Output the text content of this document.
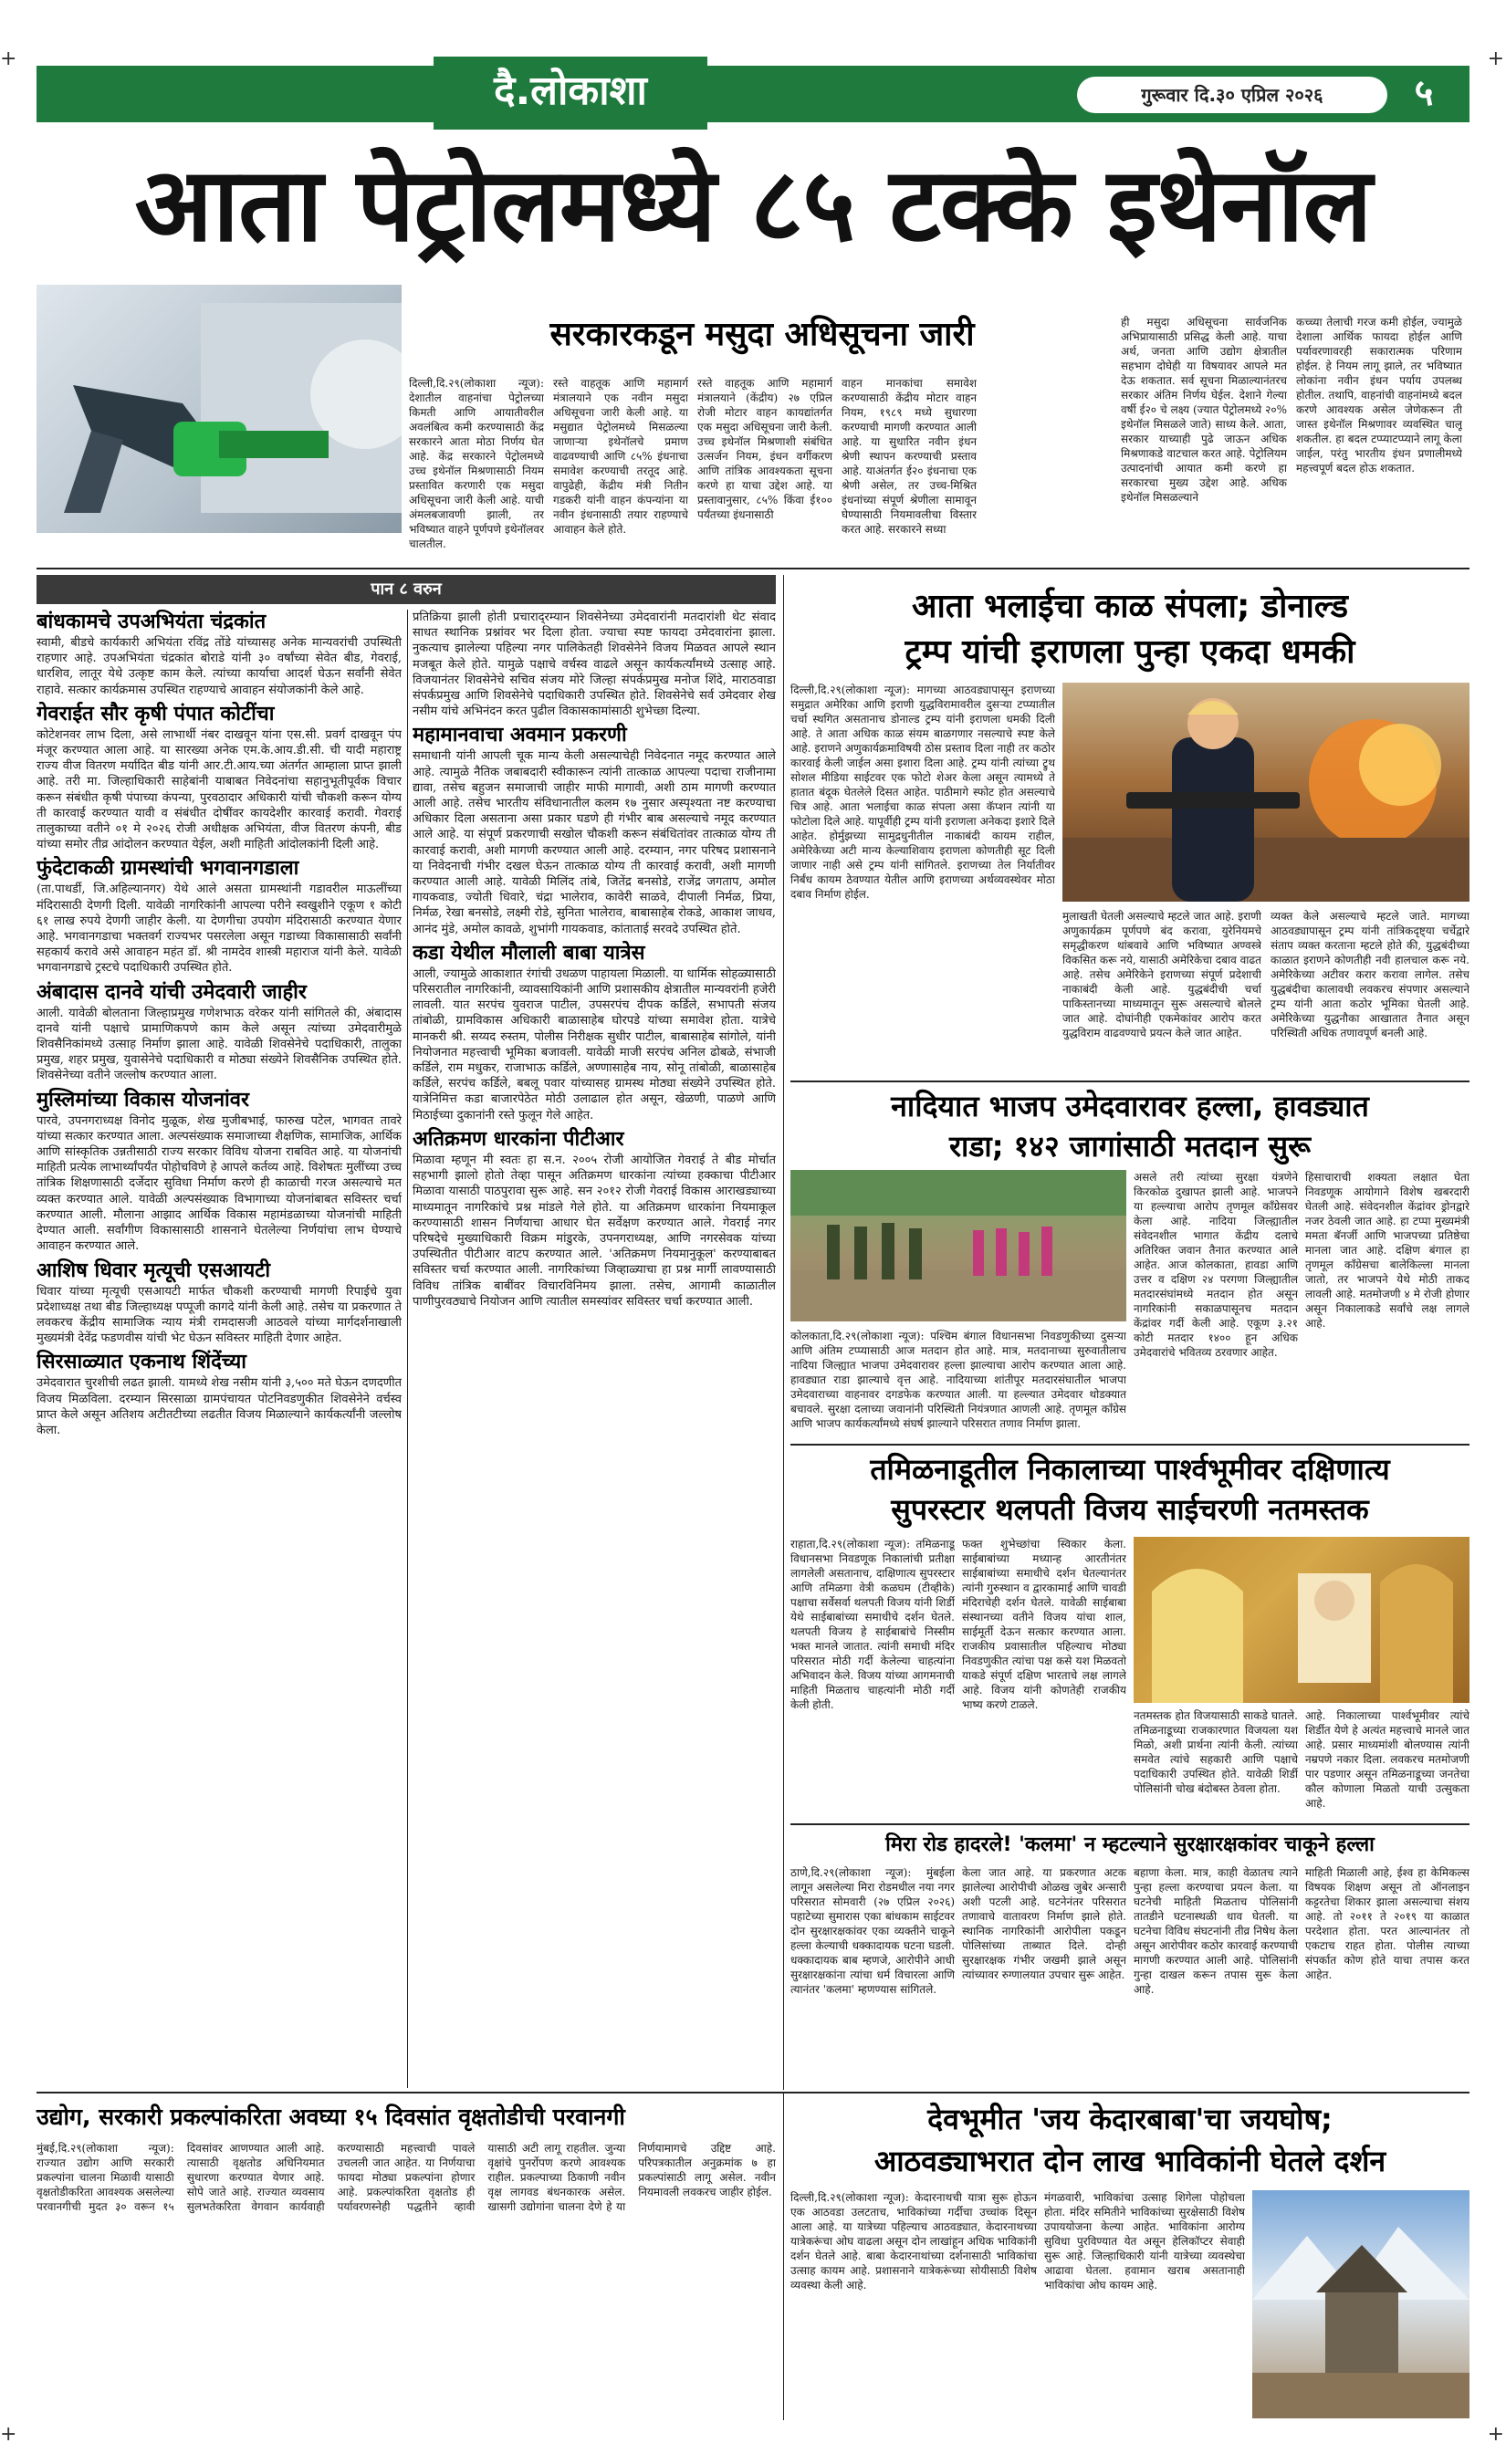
+	+
+	+
दै.लोकाशा	गुरूवार दि.३० एप्रिल २०२६	५
आता पेट्रोलमध्ये ८५ टक्के इथेनॉल
सरकारकडून मसुदा अधिसूचना जारी
दिल्ली,दि.२९(लोकाशा न्यूज): देशातील वाहनांचा पेट्रोलच्या किमती आणि आयातीवरील अवलंबित्व कमी करण्यासाठी केंद्र सरकारने आता मोठा निर्णय घेत आहे. केंद्र सरकारने पेट्रोलमध्ये उच्च इथेनॉल मिश्रणासाठी नियम प्रस्तावित करणारी एक मसुदा अधिसूचना जारी केली आहे. याची अंमलबजावणी झाली, तर भविष्यात वाहने पूर्णपणे इथेनॉलवर चालतील.
रस्ते वाहतूक आणि महामार्ग मंत्रालयाने एक नवीन मसुदा अधिसूचना जारी केली आहे. या मसुद्यात पेट्रोलमध्ये मिसळल्या जाणाऱ्या इथेनॉलचे प्रमाण वाढवण्याची आणि ८५% इंधनाचा समावेश करण्याची तरतूद आहे. वापुढेही, केंद्रीय मंत्री नितीन गडकरी यांनी वाहन कंपन्यांना या नवीन इंधनासाठी तयार राहण्याचे आवाहन केले होते.
रस्ते वाहतूक आणि महामार्ग मंत्रालयाने (केंद्रीय) २७ एप्रिल रोजी मोटार वाहन कायद्यांतर्गत एक मसुदा अधिसूचना जारी केली. उच्च इथेनॉल मिश्रणाशी संबंधित उत्सर्जन नियम, इंधन वर्गीकरण आणि तांत्रिक आवश्यकता सूचना करणे हा याचा उद्देश आहे. या प्रस्तावानुसार, ८५% किंवा ई१०० पर्यंतच्या इंधनासाठी
वाहन मानकांचा समावेश करण्यासाठी केंद्रीय मोटार वाहन नियम, १९८९ मध्ये सुधारणा करण्याची मागणी करण्यात आली आहे. या सुधारित नवीन इंधन श्रेणी स्थापन करण्याची प्रस्ताव आहे. याअंतर्गत ई२० इंधनाचा एक श्रेणी असेल, तर उच्च-मिश्रित इंधनांच्या संपूर्ण श्रेणीला सामावून घेण्यासाठी नियमावलीचा विस्तार करत आहे. सरकारने सध्या
ही मसुदा अधिसूचना सार्वजनिक अभिप्रायासाठी प्रसिद्ध केली आहे. याचा अर्थ, जनता आणि उद्योग क्षेत्रातील सहभाग दोघेही या विषयावर आपले मत देऊ शकतात. सर्व सूचना मिळाल्यानंतरच सरकार अंतिम निर्णय घेईल. देशाने गेल्या वर्षी ई२० चे लक्ष्य (ज्यात पेट्रोलमध्ये २०% इथेनॉल मिसळले जाते) साध्य केले. आता, सरकार याच्याही पुढे जाऊन अधिक मिश्रणाकडे वाटचाल करत आहे. पेट्रोलियम उत्पादनांची आयात कमी करणे हा सरकारचा मुख्य उद्देश आहे. अधिक इथेनॉल मिसळल्याने
कच्च्या तेलाची गरज कमी होईल, ज्यामुळे देशाला आर्थिक फायदा होईल आणि पर्यावरणावरही सकारात्मक परिणाम होईल. हे नियम लागू झाले, तर भविष्यात लोकांना नवीन इंधन पर्याय उपलब्ध होतील. तथापि, वाहनांची वाहनांमध्ये बदल करणे आवश्यक असेल जेणेकरून ती जास्त इथेनॉल मिश्रणावर व्यवस्थित चालू शकतील. हा बदल टप्प्याटप्प्याने लागू केला जाईल, परंतु भारतीय इंधन प्रणालीमध्ये महत्त्वपूर्ण बदल होऊ शकतात.
पान ८ वरुन
बांधकामचे उपअभियंता चंद्रकांत

स्वामी, बीडचे कार्यकारी अभियंता रविंद्र तोंडे यांच्यासह अनेक मान्यवरांची उपस्थिती राहणार आहे. उपअभियंता चंद्रकांत बोराडे यांनी ३० वर्षांच्या सेवेत बीड, गेवराई, धारशिव, लातूर येथे उत्कृष्ट काम केले. त्यांच्या कार्याचा आदर्श घेऊन सर्वांनी सेवेत राहावे. सत्कार कार्यक्रमास उपस्थित राहण्याचे आवाहन संयोजकांनी केले आहे.

गेवराईत सौर कृषी पंपात कोटींचा

कोटेशनवर लाभ दिला, असे लाभार्थी नंबर दाखवून यांना एस.सी. प्रवर्ग दाखवून पंप मंजूर करण्यात आला आहे. या सारख्या अनेक एम.के.आय.डी.सी. ची यादी महाराष्ट्र राज्य वीज वितरण मर्यादित बीड यांनी आर.टी.आय.च्या अंतर्गत आम्हाला प्राप्त झाली आहे. तरी मा. जिल्हाधिकारी साहेबांनी याबाबत निवेदनांचा सहानुभूतीपूर्वक विचार करून संबंधीत कृषी पंपाच्या कंपन्या, पुरवठादार अधिकारी यांची चौकशी करून योग्य ती कारवाई करण्यात यावी व संबंधीत दोषींवर कायदेशीर कारवाई करावी. गेवराई तालुकाच्या वतीने ०१ मे २०२६ रोजी अधीक्षक अभियंता, वीज वितरण कंपनी, बीड यांच्या समोर तीव्र आंदोलन करण्यात येईल, अशी माहिती आंदोलकांनी दिली आहे.

फुंदेटाकळी ग्रामस्थांची भगवानगडाला

(ता.पाथर्डी, जि.अहिल्यानगर) येथे आले असता ग्रामस्थांनी गडावरील माऊलींच्या मंदिरासाठी देणगी दिली. यावेळी नागरिकांनी आपल्या परीने स्वखुशीने एकूण १ कोटी ६१ लाख रुपये देणगी जाहीर केली. या देणगीचा उपयोग मंदिरासाठी करण्यात येणार आहे. भगवानगडाचा भक्तवर्ग राज्यभर पसरलेला असून गडाच्या विकासासाठी सर्वांनी सहकार्य करावे असे आवाहन महंत डॉ. श्री नामदेव शास्त्री महाराज यांनी केले. यावेळी भगवानगडाचे ट्रस्टचे पदाधिकारी उपस्थित होते.

अंबादास दानवे यांची उमेदवारी जाहीर

आली. यावेळी बोलताना जिल्हाप्रमुख गणेशभाऊ वरेकर यांनी सांगितले की, अंबादास दानवे यांनी पक्षाचे प्रामाणिकपणे काम केले असून त्यांच्या उमेदवारीमुळे शिवसैनिकांमध्ये उत्साह निर्माण झाला आहे. यावेळी शिवसेनेचे पदाधिकारी, तालुका प्रमुख, शहर प्रमुख, युवासेनेचे पदाधिकारी व मोठ्या संख्येने शिवसैनिक उपस्थित होते. शिवसेनेच्या वतीने जल्लोष करण्यात आला.

मुस्लिमांच्या विकास योजनांवर

पारवे, उपनगराध्यक्ष विनोद मुळूक, शेख मुजीबभाई, फारुख पटेल, भागवत तावरे यांच्या सत्कार करण्यात आला. अल्पसंख्याक समाजाच्या शैक्षणिक, सामाजिक, आर्थिक आणि सांस्कृतिक उन्नतीसाठी राज्य सरकार विविध योजना राबवित आहे. या योजनांची माहिती प्रत्येक लाभार्थ्यांपर्यंत पोहोचविणे हे आपले कर्तव्य आहे. विशेषतः मुलींच्या उच्च तांत्रिक शिक्षणासाठी दर्जेदार सुविधा निर्माण करणे ही काळाची गरज असल्याचे मत व्यक्त करण्यात आले. यावेळी अल्पसंख्याक विभागाच्या योजनांबाबत सविस्तर चर्चा करण्यात आली. मौलाना आझाद आर्थिक विकास महामंडळाच्या योजनांची माहिती देण्यात आली. सर्वांगीण विकासासाठी शासनाने घेतलेल्या निर्णयांचा लाभ घेण्याचे आवाहन करण्यात आले.

आशिष धिवार मृत्यूची एसआयटी

धिवार यांच्या मृत्यूची एसआयटी मार्फत चौकशी करण्याची मागणी रिपाईचे युवा प्रदेशाध्यक्ष तथा बीड जिल्हाध्यक्ष पप्पूजी कागदे यांनी केली आहे. तसेच या प्रकरणात ते लवकरच केंद्रीय सामाजिक न्याय मंत्री रामदासजी आठवले यांच्या मार्गदर्शनाखाली मुख्यमंत्री देवेंद्र फडणवीस यांची भेट घेऊन सविस्तर माहिती देणार आहेत.

सिरसाळ्यात एकनाथ शिंदेंच्या

उमेदवारात चुरशीची लढत झाली. यामध्ये शेख नसीम यांनी ३,५०० मते घेऊन दणदणीत विजय मिळविला. दरम्यान सिरसाळा ग्रामपंचायत पोटनिवडणुकीत शिवसेनेने वर्चस्व प्राप्त केले असून अतिशय अटीतटीच्या लढतीत विजय मिळाल्याने कार्यकर्त्यांनी जल्लोष केला.

प्रतिक्रिया झाली होती प्रचाराद्‌रम्यान शिवसेनेच्या उमेदवारांनी मतदारांशी थेट संवाद साधत स्थानिक प्रश्नांवर भर दिला होता. ज्याचा स्पष्ट फायदा उमेदवारांना झाला. नुकत्याच झालेल्या पहिल्या नगर पालिकेतही शिवसेनेने विजय मिळवत आपले स्थान मजबूत केले होते. यामुळे पक्षाचे वर्चस्व वाढले असून कार्यकर्त्यांमध्ये उत्साह आहे. विजयानंतर शिवसेनेचे सचिव संजय मोरे जिल्हा संपर्कप्रमुख मनोज शिंदे, माराठवाडा संपर्कप्रमुख आणि शिवसेनेचे पदाधिकारी उपस्थित होते. शिवसेनेचे सर्व उमेदवार शेख नसीम यांचे अभिनंदन करत पुढील विकासकामांसाठी शुभेच्छा दिल्या.

महामानवाचा अवमान प्रकरणी

समाधानी यांनी आपली चूक मान्य केली असल्याचेही निवेदनात नमूद करण्यात आले आहे. त्यामुळे नैतिक जबाबदारी स्वीकारून त्यांनी तात्काळ आपल्या पदाचा राजीनामा द्यावा, तसेच बहुजन समाजाची जाहीर माफी मागावी, अशी ठाम मागणी करण्यात आली आहे. तसेच भारतीय संविधानातील कलम १७ नुसार अस्पृश्यता नष्ट करण्याचा अधिकार दिला असताना असा प्रकार घडणे ही गंभीर बाब असल्याचे नमूद करण्यात आले आहे. या संपूर्ण प्रकरणाची सखोल चौकशी करून संबंधितांवर तात्काळ योग्य ती कारवाई करावी, अशी मागणी करण्यात आली आहे. दरम्यान, नगर परिषद प्रशासनाने या निवेदनाची गंभीर दखल घेऊन तात्काळ योग्य ती कारवाई करावी, अशी मागणी करण्यात आली आहे. यावेळी मिलिंद तांबे, जितेंद्र बनसोडे, राजेंद्र जगताप, अमोल गायकवाड, ज्योती धिवारे, चंद्रा भालेराव, कावेरी साळवे, दीपाली निर्मळ, प्रिया, निर्मळ, रेखा बनसोडे, लक्ष्मी रोडे, सुनिता भालेराव, बाबासाहेब रोकडे, आकाश जाधव, आनंद मुंडे, अमोल कावळे, शुभांगी गायकवाड, कांताताई सरवदे उपस्थित होते.

कडा येथील मौलाली बाबा यात्रेस

आली, ज्यामुळे आकाशात रंगांची उधळण पाहायला मिळाली. या धार्मिक सोहळ्यासाठी परिसरातील नागरिकांनी, व्यावसायिकांनी आणि प्रशासकीय क्षेत्रातील मान्यवरांनी हजेरी लावली. यात सरपंच युवराज पाटील, उपसरपंच दीपक कर्डिले, सभापती संजय तांबोळी, ग्रामविकास अधिकारी बाळासाहेब घोरपडे यांच्या समावेश होता. यात्रेचे मानकरी श्री. सय्यद रुस्तम, पोलीस निरीक्षक सुधीर पाटील, बाबासाहेब सांगोले, यांनी नियोजनात महत्त्वाची भूमिका बजावली. यावेळी माजी सरपंच अनिल ढोबळे, संभाजी कर्डिले, राम मधुकर, राजाभाऊ कर्डिले, अण्णासाहेब नाय, सोनू तांबोळी, बाळासाहेब कर्डिले, सरपंच कर्डिले, बबलू पवार यांच्यासह ग्रामस्थ मोठ्या संख्येने उपस्थित होते. यात्रेनिमित्त कडा बाजारपेठेत मोठी उलाढाल होत असून, खेळणी, पाळणे आणि मिठाईच्या दुकानांनी रस्ते फुलून गेले आहेत.

अतिक्रमण धारकांना पीटीआर

मिळावा म्हणून मी स्वतः हा स.न. २००५ रोजी आयोजित गेवराई ते बीड मोर्चात सहभागी झालो होतो तेव्हा पासून अतिक्रमण धारकांना त्यांच्या हक्काचा पीटीआर मिळावा यासाठी पाठपुरावा सुरू आहे. सन २०१२ रोजी गेवराई विकास आराखड्याच्या माध्यमातून नागरिकांचे प्रश्न मांडले गेले होते. या अतिक्रमण धारकांना नियमाकूल करण्यासाठी शासन निर्णयाचा आधार घेत सर्वेक्षण करण्यात आले. गेवराई नगर परिषदेचे मुख्याधिकारी विक्रम मांडुरके, उपनगराध्यक्ष, आणि नगरसेवक यांच्या उपस्थितीत पीटीआर वाटप करण्यात आले. 'अतिक्रमण नियमानुकूल' करण्याबाबत सविस्तर चर्चा करण्यात आली. नागरिकांच्या जिव्हाळ्याचा हा प्रश्न मार्गी लावण्यासाठी विविध तांत्रिक बाबींवर विचारविनिमय झाला. तसेच, आगामी काळातील पाणीपुरवठ्याचे नियोजन आणि त्यातील समस्यांवर सविस्तर चर्चा करण्यात आली.

आता भलाईचा काळ संपला; डोनाल्ड
ट्रम्प यांची इराणला पुन्हा एकदा धमकी
दिल्ली,दि.२९(लोकाशा न्यूज): मागच्या आठवड्यापासून इराणच्या समुद्रात अमेरिका आणि इराणी युद्धविरामावरील दुसऱ्या टप्प्यातील चर्चा स्थगित असतानाच डोनाल्ड ट्रम्प यांनी इराणला धमकी दिली आहे. ते आता अधिक काळ संयम बाळगणार नसल्याचे स्पष्ट केले आहे. इराणने अणुकार्यक्रमाविषयी ठोस प्रस्ताव दिला नाही तर कठोर कारवाई केली जाईल असा इशारा दिला आहे. ट्रम्प यांनी त्यांच्या ट्रुथ सोशल मीडिया साईटवर एक फोटो शेअर केला असून त्यामध्ये ते हातात बंदूक घेतलेले दिसत आहेत. पाठीमागे स्फोट होत असल्याचे चित्र आहे. आता भलाईचा काळ संपला असा कॅप्शन त्यांनी या फोटोला दिले आहे. यापूर्वीही ट्रम्प यांनी इराणला अनेकदा इशारे दिले आहेत. होर्मुझच्या सामुद्रधुनीतील नाकाबंदी कायम राहील, अमेरिकेच्या अटी मान्य केल्याशिवाय इराणला कोणतीही सूट दिली जाणार नाही असे ट्रम्प यांनी सांगितले. इराणच्या तेल निर्यातीवर निर्बंध कायम ठेवण्यात येतील आणि इराणच्या अर्थव्यवस्थेवर मोठा दबाव निर्माण होईल.
मुलाखती घेतली असल्याचे म्हटले जात आहे. इराणी अणुकार्यक्रम पूर्णपणे बंद करावा, युरेनियमचे समृद्धीकरण थांबवावे आणि भविष्यात अण्वस्त्रे विकसित करू नये, यासाठी अमेरिकेचा दबाव वाढत आहे. तसेच अमेरिकेने इराणच्या संपूर्ण प्रदेशाची नाकाबंदी केली आहे. युद्धबंदीची चर्चा पाकिस्तानच्या माध्यमातून सुरू असल्याचे बोलले जात आहे. दोघांनीही एकमेकांवर आरोप करत युद्धविराम वाढवण्याचे प्रयत्न केले जात आहेत.
व्यक्त केले असल्याचे म्हटले जाते. मागच्या आठवड्यापासून ट्रम्प यांनी तांत्रिकदृष्ट्या चर्चेद्वारे संताप व्यक्त करताना म्हटले होते की, युद्धबंदीच्या काळात इराणने कोणतीही नवी हालचाल करू नये. अमेरिकेच्या अटीवर करार करावा लागेल. तसेच युद्धबंदीचा कालावधी लवकरच संपणार असल्याने ट्रम्प यांनी आता कठोर भूमिका घेतली आहे. अमेरिकेच्या युद्धनौका आखातात तैनात असून परिस्थिती अधिक तणावपूर्ण बनली आहे.
नादियात भाजप उमेदवारावर हल्ला, हावड्यात
राडा; १४२ जागांसाठी मतदान सुरू
कोलकाता,दि.२९(लोकाशा न्यूज): पश्चिम बंगाल विधानसभा निवडणुकीच्या दुसऱ्या आणि अंतिम टप्प्यासाठी आज मतदान होत आहे. मात्र, मतदानाच्या सुरुवातीलाच नादिया जिल्ह्यात भाजपा उमेदवारावर हल्ला झाल्याचा आरोप करण्यात आला आहे. हावड्यात राडा झाल्याचे वृत्त आहे. नादियाच्या शांतीपूर मतदारसंघातील भाजपा उमेदवाराच्या वाहनावर दगडफेक करण्यात आली. या हल्ल्यात उमेदवार थोडक्यात बचावले. सुरक्षा दलाच्या जवानांनी परिस्थिती नियंत्रणात आणली आहे. तृणमूल काँग्रेस आणि भाजप कार्यकर्त्यांमध्ये संघर्ष झाल्याने परिसरात तणाव निर्माण झाला.
असले तरी त्यांच्या सुरक्षा यंत्रणेने किरकोळ दुखापत झाली आहे. भाजपने या हल्ल्याचा आरोप तृणमूल काँग्रेसवर केला आहे. नादिया जिल्ह्यातील संवेदनशील भागात केंद्रीय दलाचे अतिरिक्त जवान तैनात करण्यात आले आहेत. आज कोलकाता, हावडा आणि उत्तर व दक्षिण २४ परगणा जिल्ह्यातील मतदारसंघांमध्ये मतदान होत असून नागरिकांनी सकाळपासूनच मतदान केंद्रांवर गर्दी केली आहे. एकूण ३.२१ कोटी मतदार १४०० हून अधिक उमेदवारांचे भवितव्य ठरवणार आहेत.
हिसाचाराची शक्यता लक्षात घेता निवडणूक आयोगाने विशेष खबरदारी घेतली आहे. संवेदनशील केंद्रांवर ड्रोनद्वारे नजर ठेवली जात आहे. हा टप्पा मुख्यमंत्री ममता बॅनर्जी आणि भाजपच्या प्रतिष्ठेचा मानला जात आहे. दक्षिण बंगाल हा तृणमूल काँग्रेसचा बालेकिल्ला मानला जातो, तर भाजपने येथे मोठी ताकद लावली आहे. मतमोजणी ४ मे रोजी होणार असून निकालाकडे सर्वांचे लक्ष लागले आहे.
तमिळनाडूतील निकालाच्या पार्श्वभूमीवर दक्षिणात्य
सुपरस्टार थलपती विजय साईचरणी नतमस्तक
राहाता,दि.२९(लोकाशा न्यूज): तमिळनाडू विधानसभा निवडणूक निकालांची प्रतीक्षा लागलेली असतानाच, दाक्षिणात्य सुपरस्टार आणि तमिळगा वेत्री कळघम (टीव्हीके) पक्षाचा सर्वेसर्वा थलपती विजय यांनी शिर्डी येथे साईबाबांच्या समाधीचे दर्शन घेतले. थलपती विजय हे साईबाबांचे निस्सीम भक्त मानले जातात. त्यांनी समाधी मंदिर परिसरात मोठी गर्दी केलेल्या चाहत्यांना अभिवादन केले. विजय यांच्या आगमनाची माहिती मिळताच चाहत्यांनी मोठी गर्दी केली होती.
फक्त शुभेच्छांचा स्विकार केला. साईबाबांच्या मध्यान्ह आरतीनंतर साईबाबांच्या समाधीचे दर्शन घेतल्यानंतर त्यांनी गुरुस्थान व द्वारकामाई आणि चावडी मंदिराचेही दर्शन घेतले. यावेळी साईबाबा संस्थानच्या वतीने विजय यांचा शाल, साईमूर्ती देऊन सत्कार करण्यात आला. राजकीय प्रवासातील पहिल्याच मोठ्या निवडणुकीत त्यांचा पक्ष कसे यश मिळवतो याकडे संपूर्ण दक्षिण भारताचे लक्ष लागले आहे. विजय यांनी कोणतेही राजकीय भाष्य करणे टाळले.
नतमस्तक होत विजयासाठी साकडे घातले. तमिळनाडूच्या राजकारणात विजयला यश मिळो, अशी प्रार्थना त्यांनी केली. त्यांच्या समवेत त्यांचे सहकारी आणि पक्षाचे पदाधिकारी उपस्थित होते. यावेळी शिर्डी पोलिसांनी चोख बंदोबस्त ठेवला होता.
आहे. निकालाच्या पार्श्वभूमीवर त्यांचे शिर्डीत येणे हे अत्यंत महत्त्वाचे मानले जात आहे. प्रसार माध्यमांशी बोलण्यास त्यांनी नम्रपणे नकार दिला. लवकरच मतमोजणी पार पडणार असून तमिळनाडूच्या जनतेचा कौल कोणाला मिळतो याची उत्सुकता आहे.
मिरा रोड हादरले! 'कलमा' न म्हटल्याने सुरक्षारक्षकांवर चाकूने हल्ला
ठाणे,दि.२९(लोकाशा न्यूज): मुंबईला लागून असलेल्या मिरा रोडमधील नया नगर परिसरात सोमवारी (२७ एप्रिल २०२६) पहाटेच्या सुमारास एका बांधकाम साईटवर दोन सुरक्षारक्षकांवर एका व्यक्तीने चाकूने हल्ला केल्याची धक्कादायक घटना घडली. धक्कादायक बाब म्हणजे, आरोपीने आधी सुरक्षारक्षकांना त्यांचा धर्म विचारला आणि त्यानंतर 'कलमा' म्हणण्यास सांगितले.
केला जात आहे. या प्रकरणात अटक झालेल्या आरोपीची ओळख जुबेर अन्सारी अशी पटली आहे. घटनेनंतर परिसरात तणावाचे वातावरण निर्माण झाले होते. स्थानिक नागरिकांनी आरोपीला पकडून पोलिसांच्या ताब्यात दिले. दोन्ही सुरक्षारक्षक गंभीर जखमी झाले असून त्यांच्यावर रुग्णालयात उपचार सुरू आहेत.
बहाणा केला. मात्र, काही वेळातच त्याने पुन्हा हल्ला करण्याचा प्रयत्न केला. या घटनेची माहिती मिळताच पोलिसांनी तातडीने घटनास्थळी धाव घेतली. या घटनेचा विविध संघटनांनी तीव्र निषेध केला असून आरोपीवर कठोर कारवाई करण्याची मागणी करण्यात आली आहे. पोलिसांनी गुन्हा दाखल करून तपास सुरू केला आहे.
माहिती मिळाली आहे, ईश्व हा केमिकल्स विषयक शिक्षण असून तो ऑनलाइन कट्टरतेचा शिकार झाला असल्याचा संशय आहे. तो २०११ ते २०१९ या काळात परदेशात होता. परत आल्यानंतर तो एकटाच राहत होता. पोलीस त्याच्या संपर्कात कोण होते याचा तपास करत आहेत.
उद्योग, सरकारी प्रकल्पांकरिता अवघ्या १५ दिवसांत वृक्षतोडीची परवानगी
मुंबई,दि.२९(लोकाशा न्यूज): राज्यात उद्योग आणि सरकारी प्रकल्पांना चालना मिळावी यासाठी वृक्षतोडीकरिता आवश्यक असलेल्या परवानगीची मुदत ३० वरून १५ दिवसांवर आणण्यात आली आहे. त्यासाठी वृक्षतोड अधिनियमात सुधारणा करण्यात येणार आहे. सोपे जाते आहे. राज्यात व्यवसाय सुलभतेकरिता वेगवान कार्यवाही करण्यासाठी महत्त्वाची पावले उचलली जात आहेत. या निर्णयाचा फायदा मोठ्या प्रकल्पांना होणार आहे. प्रकल्पांकरिता वृक्षतोड ही पर्यावरणस्नेही पद्धतीने व्हावी यासाठी अटी लागू राहतील. जुन्या वृक्षांचे पुनर्रोपण करणे आवश्यक राहील. प्रकल्पाच्या ठिकाणी नवीन वृक्ष लागवड बंधनकारक असेल. खासगी उद्योगांना चालना देणे हे या निर्णयामागचे उद्दिष्ट आहे. परिपत्रकातील अनुक्रमांक ७ हा प्रकल्पांसाठी लागू असेल. नवीन नियमावली लवकरच जाहीर होईल.
देवभूमीत 'जय केदारबाबा'चा जयघोष;
आठवड्याभरात दोन लाख भाविकांनी घेतले दर्शन
दिल्ली,दि.२९(लोकाशा न्यूज): केदारनाथची यात्रा सुरू होऊन एक आठवडा उलटताच, भाविकांच्या गर्दीचा उच्चांक दिसून आला आहे. या यात्रेच्या पहिल्याच आठवड्यात, केदारनाथच्या यात्रेकरूंचा ओघ वाढला असून दोन लाखांहून अधिक भाविकांनी दर्शन घेतले आहे. बाबा केदारनाथांच्या दर्शनासाठी भाविकांचा उत्साह कायम आहे. प्रशासनाने यात्रेकरूंच्या सोयीसाठी विशेष व्यवस्था केली आहे.
मंगळवारी, भाविकांचा उत्साह शिगेला पोहोचला होता. मंदिर समितीने भाविकांच्या सुरक्षेसाठी विशेष उपाययोजना केल्या आहेत. भाविकांना आरोग्य सुविधा पुरविण्यात येत असून हेलिकॉप्टर सेवाही सुरू आहे. जिल्हाधिकारी यांनी यात्रेच्या व्यवस्थेचा आढावा घेतला. हवामान खराब असतानाही भाविकांचा ओघ कायम आहे.
